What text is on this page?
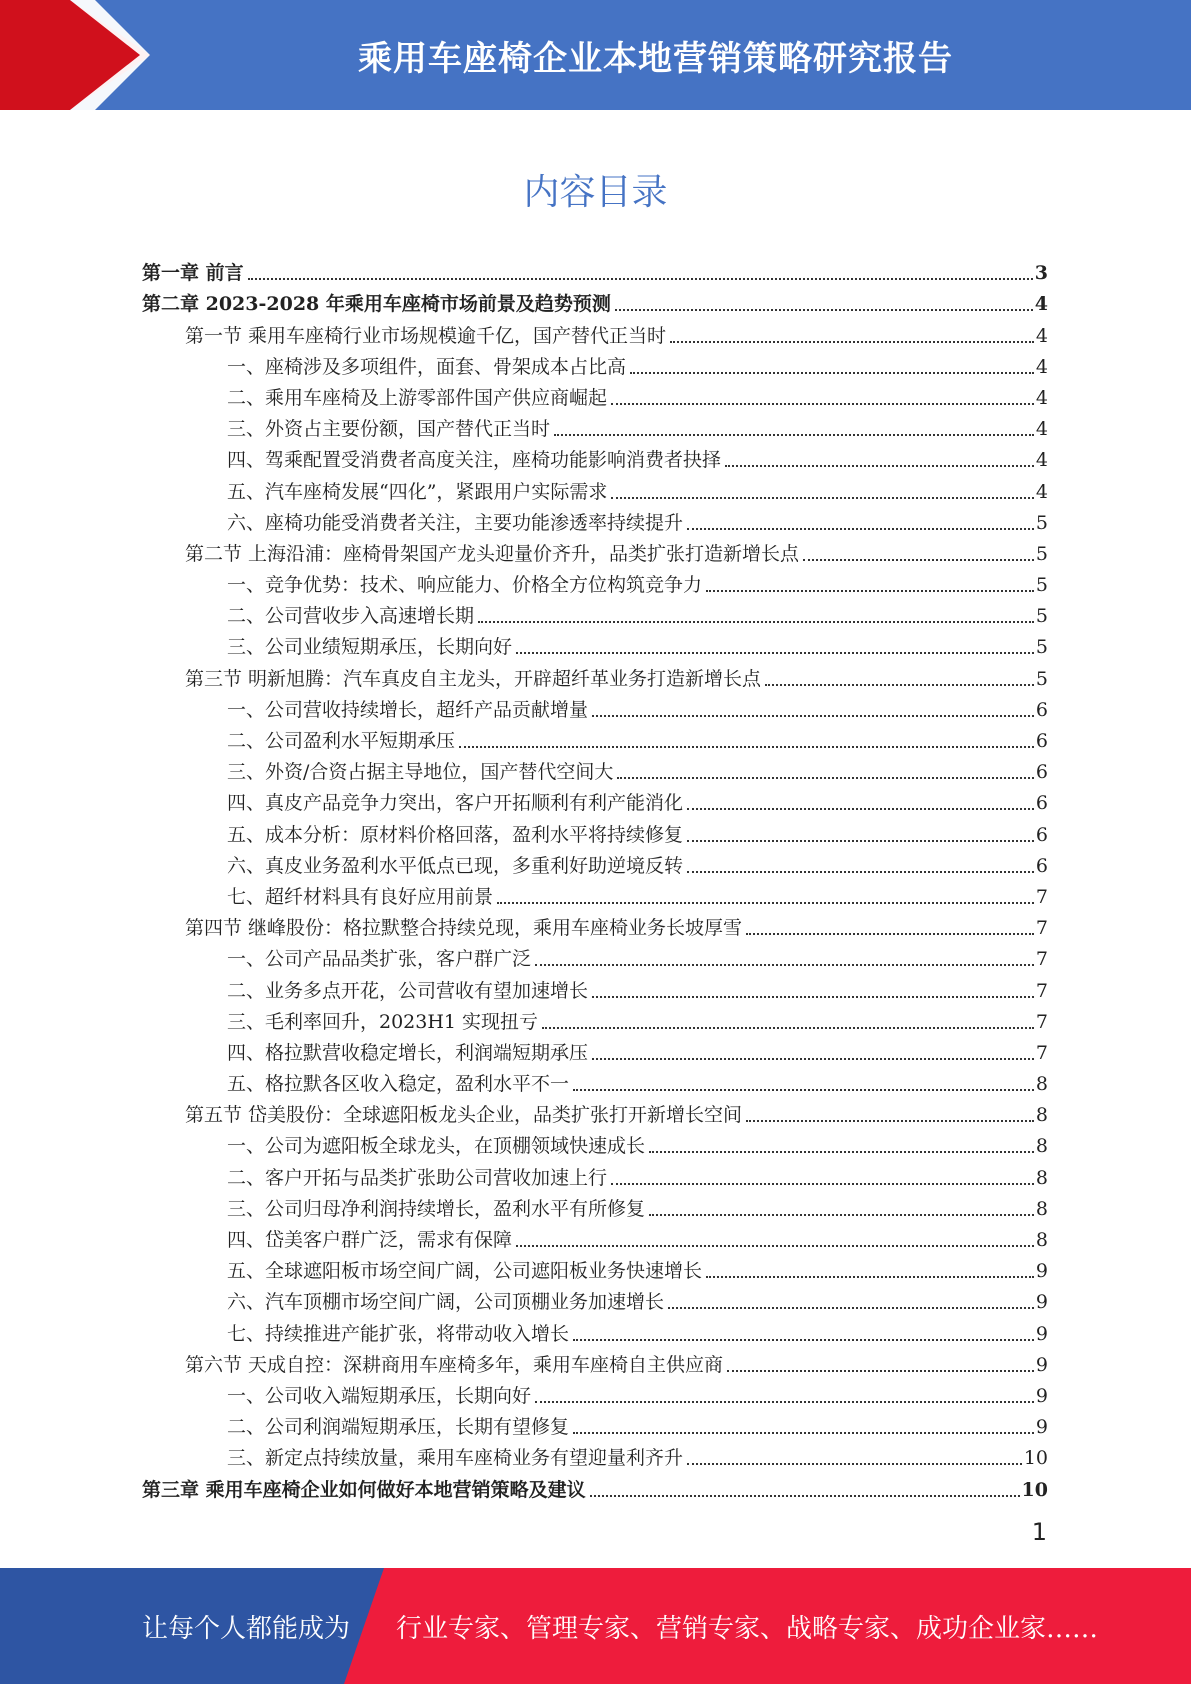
乘用车座椅企业本地营销策略研究报告
内容目录
第一章 前言	3
第二章 2023-2028 年乘用车座椅市场前景及趋势预测	4
第一节 乘用车座椅行业市场规模逾千亿，国产替代正当时	4
一、座椅涉及多项组件，面套、骨架成本占比高	4
二、乘用车座椅及上游零部件国产供应商崛起	4
三、外资占主要份额，国产替代正当时	4
四、驾乘配置受消费者高度关注，座椅功能影响消费者抉择	4
五、汽车座椅发展“四化”，紧跟用户实际需求	4
六、座椅功能受消费者关注，主要功能渗透率持续提升	5
第二节 上海沿浦：座椅骨架国产龙头迎量价齐升，品类扩张打造新增长点	5
一、竞争优势：技术、响应能力、价格全方位构筑竞争力	5
二、公司营收步入高速增长期	5
三、公司业绩短期承压，长期向好	5
第三节 明新旭腾：汽车真皮自主龙头，开辟超纤革业务打造新增长点	5
一、公司营收持续增长，超纤产品贡献增量	6
二、公司盈利水平短期承压	6
三、外资/合资占据主导地位，国产替代空间大	6
四、真皮产品竞争力突出，客户开拓顺利有利产能消化	6
五、成本分析：原材料价格回落，盈利水平将持续修复	6
六、真皮业务盈利水平低点已现，多重利好助逆境反转	6
七、超纤材料具有良好应用前景	7
第四节 继峰股份：格拉默整合持续兑现，乘用车座椅业务长坡厚雪	7
一、公司产品品类扩张，客户群广泛	7
二、业务多点开花，公司营收有望加速增长	7
三、毛利率回升，2023H1 实现扭亏	7
四、格拉默营收稳定增长，利润端短期承压	7
五、格拉默各区收入稳定，盈利水平不一	8
第五节 岱美股份：全球遮阳板龙头企业，品类扩张打开新增长空间	8
一、公司为遮阳板全球龙头，在顶棚领域快速成长	8
二、客户开拓与品类扩张助公司营收加速上行	8
三、公司归母净利润持续增长，盈利水平有所修复	8
四、岱美客户群广泛，需求有保障	8
五、全球遮阳板市场空间广阔，公司遮阳板业务快速增长	9
六、汽车顶棚市场空间广阔，公司顶棚业务加速增长	9
七、持续推进产能扩张，将带动收入增长	9
第六节 天成自控：深耕商用车座椅多年，乘用车座椅自主供应商	9
一、公司收入端短期承压，长期向好	9
二、公司利润端短期承压，长期有望修复	9
三、新定点持续放量，乘用车座椅业务有望迎量利齐升	10
第三章 乘用车座椅企业如何做好本地营销策略及建议	10
1
让每个人都能成为 行业专家、管理专家、营销专家、战略专家、成功企业家……
